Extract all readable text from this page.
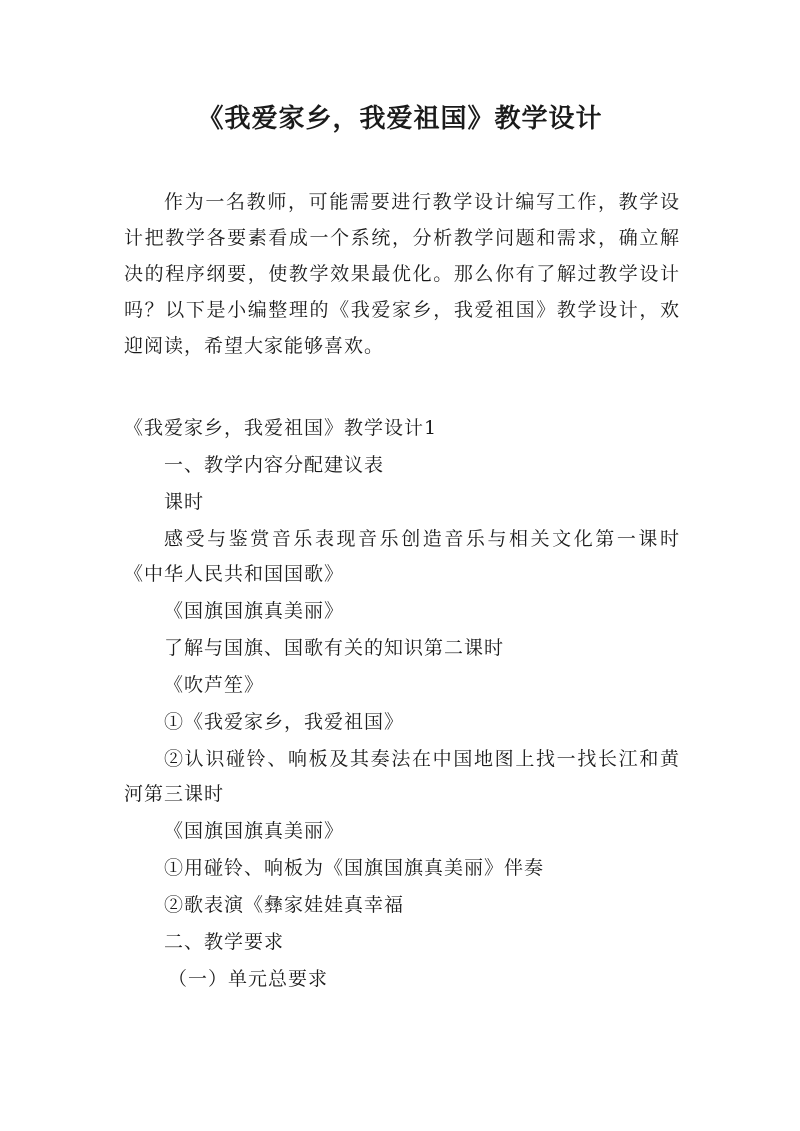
《我爱家乡，我爱祖国》教学设计

作为一名教师，可能需要进行教学设计编写工作，教学设计把教学各要素看成一个系统，分析教学问题和需求，确立解决的程序纲要，使教学效果最优化。那么你有了解过教学设计吗？以下是小编整理的《我爱家乡，我爱祖国》教学设计，欢迎阅读，希望大家能够喜欢。

《我爱家乡，我爱祖国》教学设计1

一、教学内容分配建议表

课时

感受与鉴赏音乐表现音乐创造音乐与相关文化第一课时《中华人民共和国国歌》

《国旗国旗真美丽》

了解与国旗、国歌有关的知识第二课时

《吹芦笙》

①《我爱家乡，我爱祖国》

②认识碰铃、响板及其奏法在中国地图上找一找长江和黄河第三课时

《国旗国旗真美丽》

①用碰铃、响板为《国旗国旗真美丽》伴奏

②歌表演《彝家娃娃真幸福

二、教学要求

（一）单元总要求
